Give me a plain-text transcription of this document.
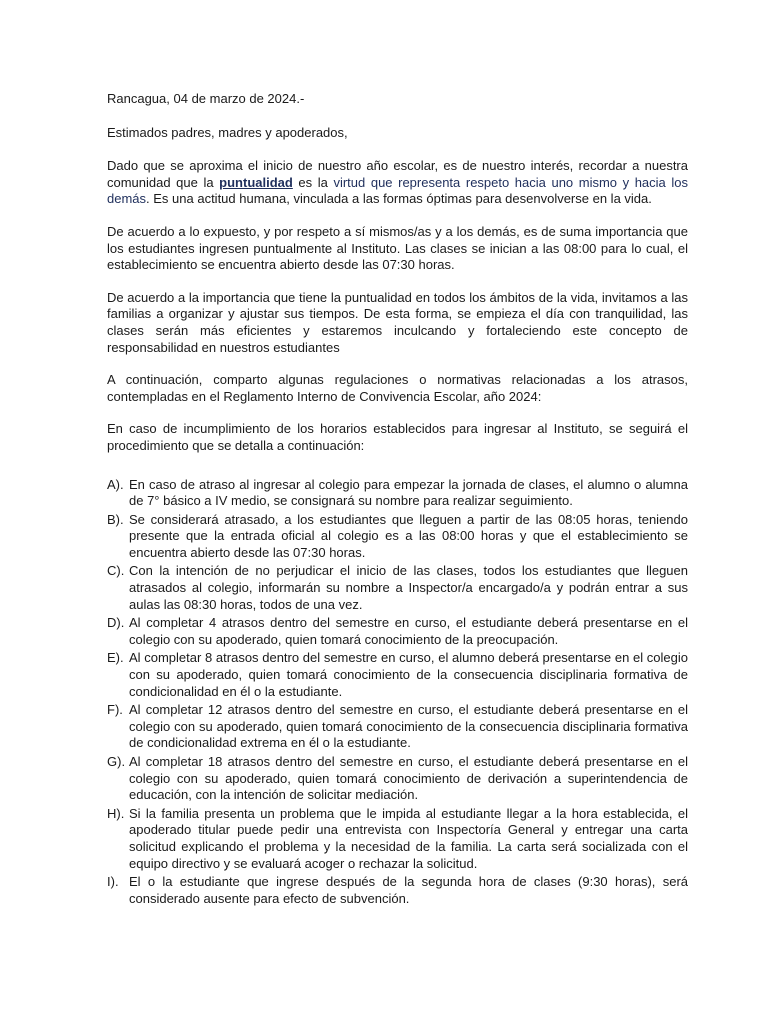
Rancagua, 04 de marzo de 2024.-
Estimados padres, madres y apoderados,

Dado que se aproxima el inicio de nuestro año escolar, es de nuestro interés, recordar a nuestra comunidad que la puntualidad es la virtud que representa respeto hacia uno mismo y hacia los demás. Es una actitud humana, vinculada a las formas óptimas para desenvolverse en la vida.

De acuerdo a lo expuesto, y por respeto a sí mismos/as y a los demás, es de suma importancia que los estudiantes ingresen puntualmente al Instituto. Las clases se inician a las 08:00 para lo cual, el establecimiento se encuentra abierto desde las 07:30 horas.

De acuerdo a la importancia que tiene la puntualidad en todos los ámbitos de la vida, invitamos a las familias a organizar y ajustar sus tiempos. De esta forma, se empieza el día con tranquilidad, las clases serán más eficientes y estaremos inculcando y fortaleciendo este concepto de responsabilidad en nuestros estudiantes

A continuación, comparto algunas regulaciones o normativas relacionadas a los atrasos, contempladas en el Reglamento Interno de Convivencia Escolar, año 2024:

En caso de incumplimiento de los horarios establecidos para ingresar al Instituto, se seguirá el procedimiento que se detalla a continuación:

A). En caso de atraso al ingresar al colegio para empezar la jornada de clases, el alumno o alumna de 7° básico a IV medio, se consignará su nombre para realizar seguimiento.
B). Se considerará atrasado, a los estudiantes que lleguen a partir de las 08:05 horas, teniendo presente que la entrada oficial al colegio es a las 08:00 horas y que el establecimiento se encuentra abierto desde las 07:30 horas.
C). Con la intención de no perjudicar el inicio de las clases, todos los estudiantes que lleguen atrasados al colegio, informarán su nombre a Inspector/a encargado/a y podrán entrar a sus aulas las 08:30 horas, todos de una vez.
D). Al completar 4 atrasos dentro del semestre en curso, el estudiante deberá presentarse en el colegio con su apoderado, quien tomará conocimiento de la preocupación.
E). Al completar 8 atrasos dentro del semestre en curso, el alumno deberá presentarse en el colegio con su apoderado, quien tomará conocimiento de la consecuencia disciplinaria formativa de condicionalidad en él o la estudiante.
F). Al completar 12 atrasos dentro del semestre en curso, el estudiante deberá presentarse en el colegio con su apoderado, quien tomará conocimiento de la consecuencia disciplinaria formativa de condicionalidad extrema en él o la estudiante.
G). Al completar 18 atrasos dentro del semestre en curso, el estudiante deberá presentarse en el colegio con su apoderado, quien tomará conocimiento de derivación a superintendencia de educación, con la intención de solicitar mediación.
H). Si la familia presenta un problema que le impida al estudiante llegar a la hora establecida, el apoderado titular puede pedir una entrevista con Inspectoría General y entregar una carta solicitud explicando el problema y la necesidad de la familia. La carta será socializada con el equipo directivo y se evaluará acoger o rechazar la solicitud.
I). El o la estudiante que ingrese después de la segunda hora de clases (9:30 horas), será considerado ausente para efecto de subvención.
